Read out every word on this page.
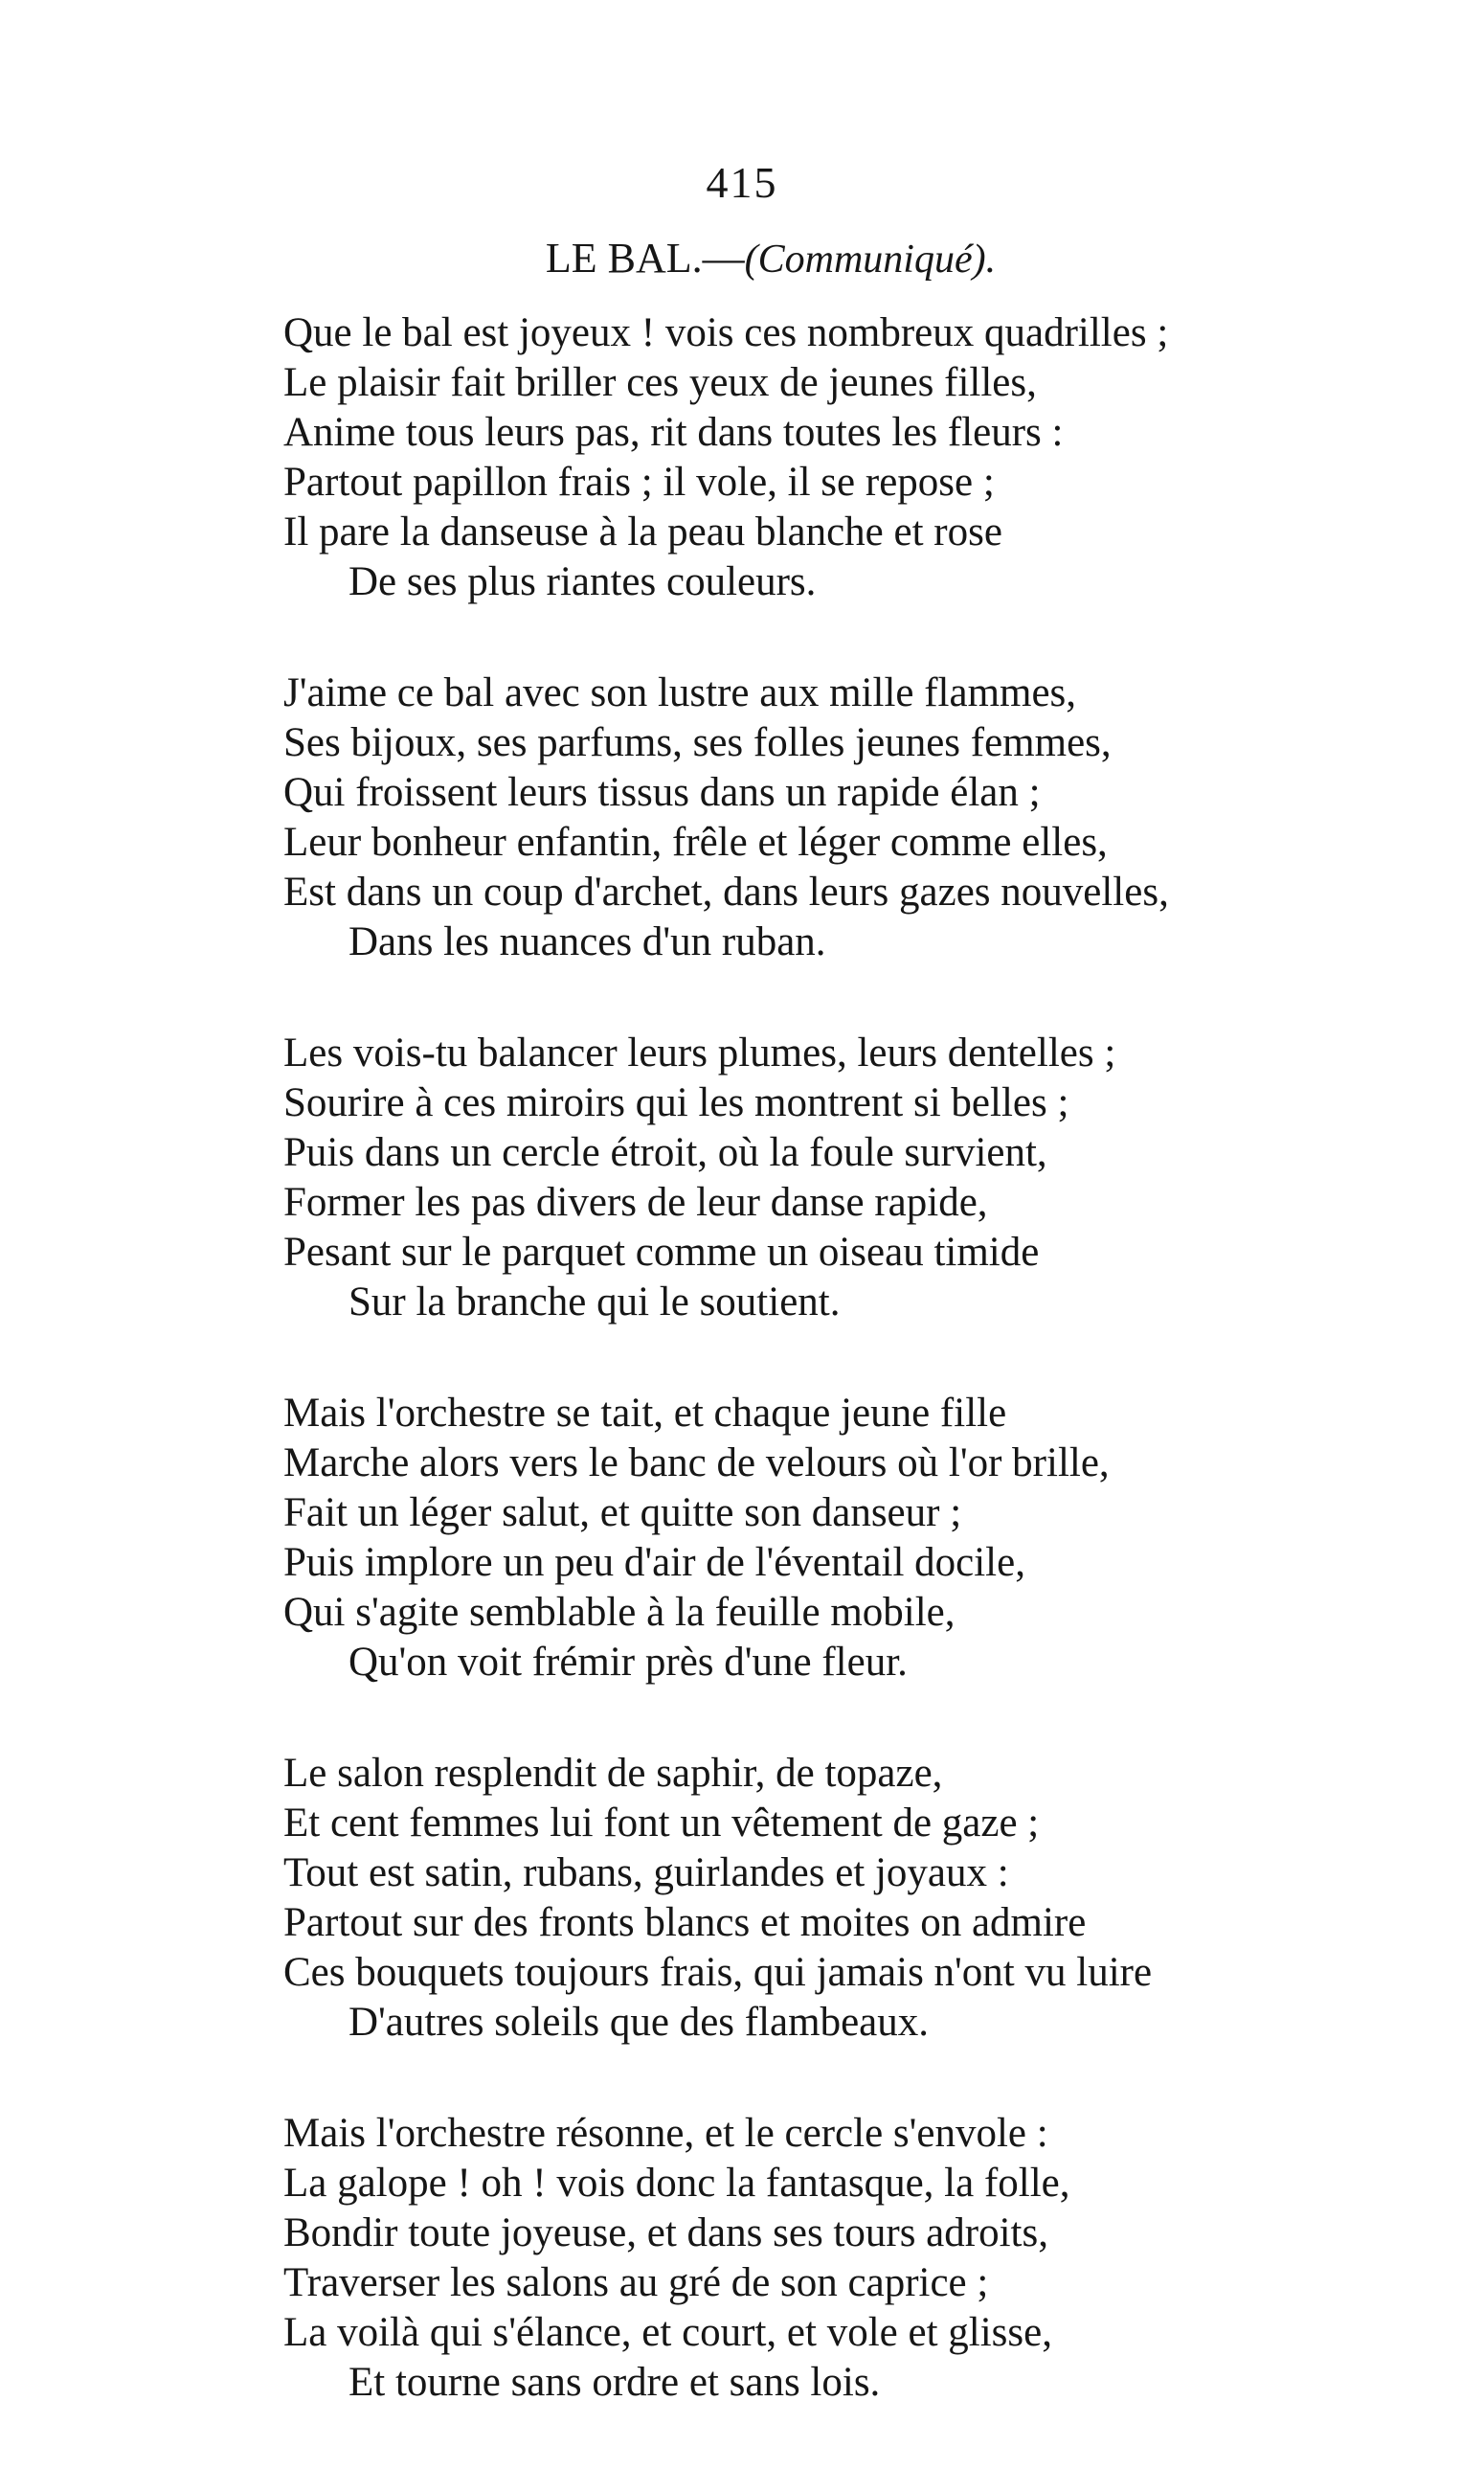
415
LE BAL.—(Communiqué).
Que le bal est joyeux ! vois ces nombreux quadrilles ;
Le plaisir fait briller ces yeux de jeunes filles,
Anime tous leurs pas, rit dans toutes les fleurs :
Partout papillon frais ; il vole, il se repose ;
Il pare la danseuse à la peau blanche et rose
De ses plus riantes couleurs.
J'aime ce bal avec son lustre aux mille flammes,
Ses bijoux, ses parfums, ses folles jeunes femmes,
Qui froissent leurs tissus dans un rapide élan ;
Leur bonheur enfantin, frêle et léger comme elles,
Est dans un coup d'archet, dans leurs gazes nouvelles,
Dans les nuances d'un ruban.
Les vois-tu balancer leurs plumes, leurs dentelles ;
Sourire à ces miroirs qui les montrent si belles ;
Puis dans un cercle étroit, où la foule survient,
Former les pas divers de leur danse rapide,
Pesant sur le parquet comme un oiseau timide
Sur la branche qui le soutient.
Mais l'orchestre se tait, et chaque jeune fille
Marche alors vers le banc de velours où l'or brille,
Fait un léger salut, et quitte son danseur ;
Puis implore un peu d'air de l'éventail docile,
Qui s'agite semblable à la feuille mobile,
Qu'on voit frémir près d'une fleur.
Le salon resplendit de saphir, de topaze,
Et cent femmes lui font un vêtement de gaze ;
Tout est satin, rubans, guirlandes et joyaux :
Partout sur des fronts blancs et moites on admire
Ces bouquets toujours frais, qui jamais n'ont vu luire
D'autres soleils que des flambeaux.
Mais l'orchestre résonne, et le cercle s'envole :
La galope ! oh ! vois donc la fantasque, la folle,
Bondir toute joyeuse, et dans ses tours adroits,
Traverser les salons au gré de son caprice ;
La voilà qui s'élance, et court, et vole et glisse,
Et tourne sans ordre et sans lois.
